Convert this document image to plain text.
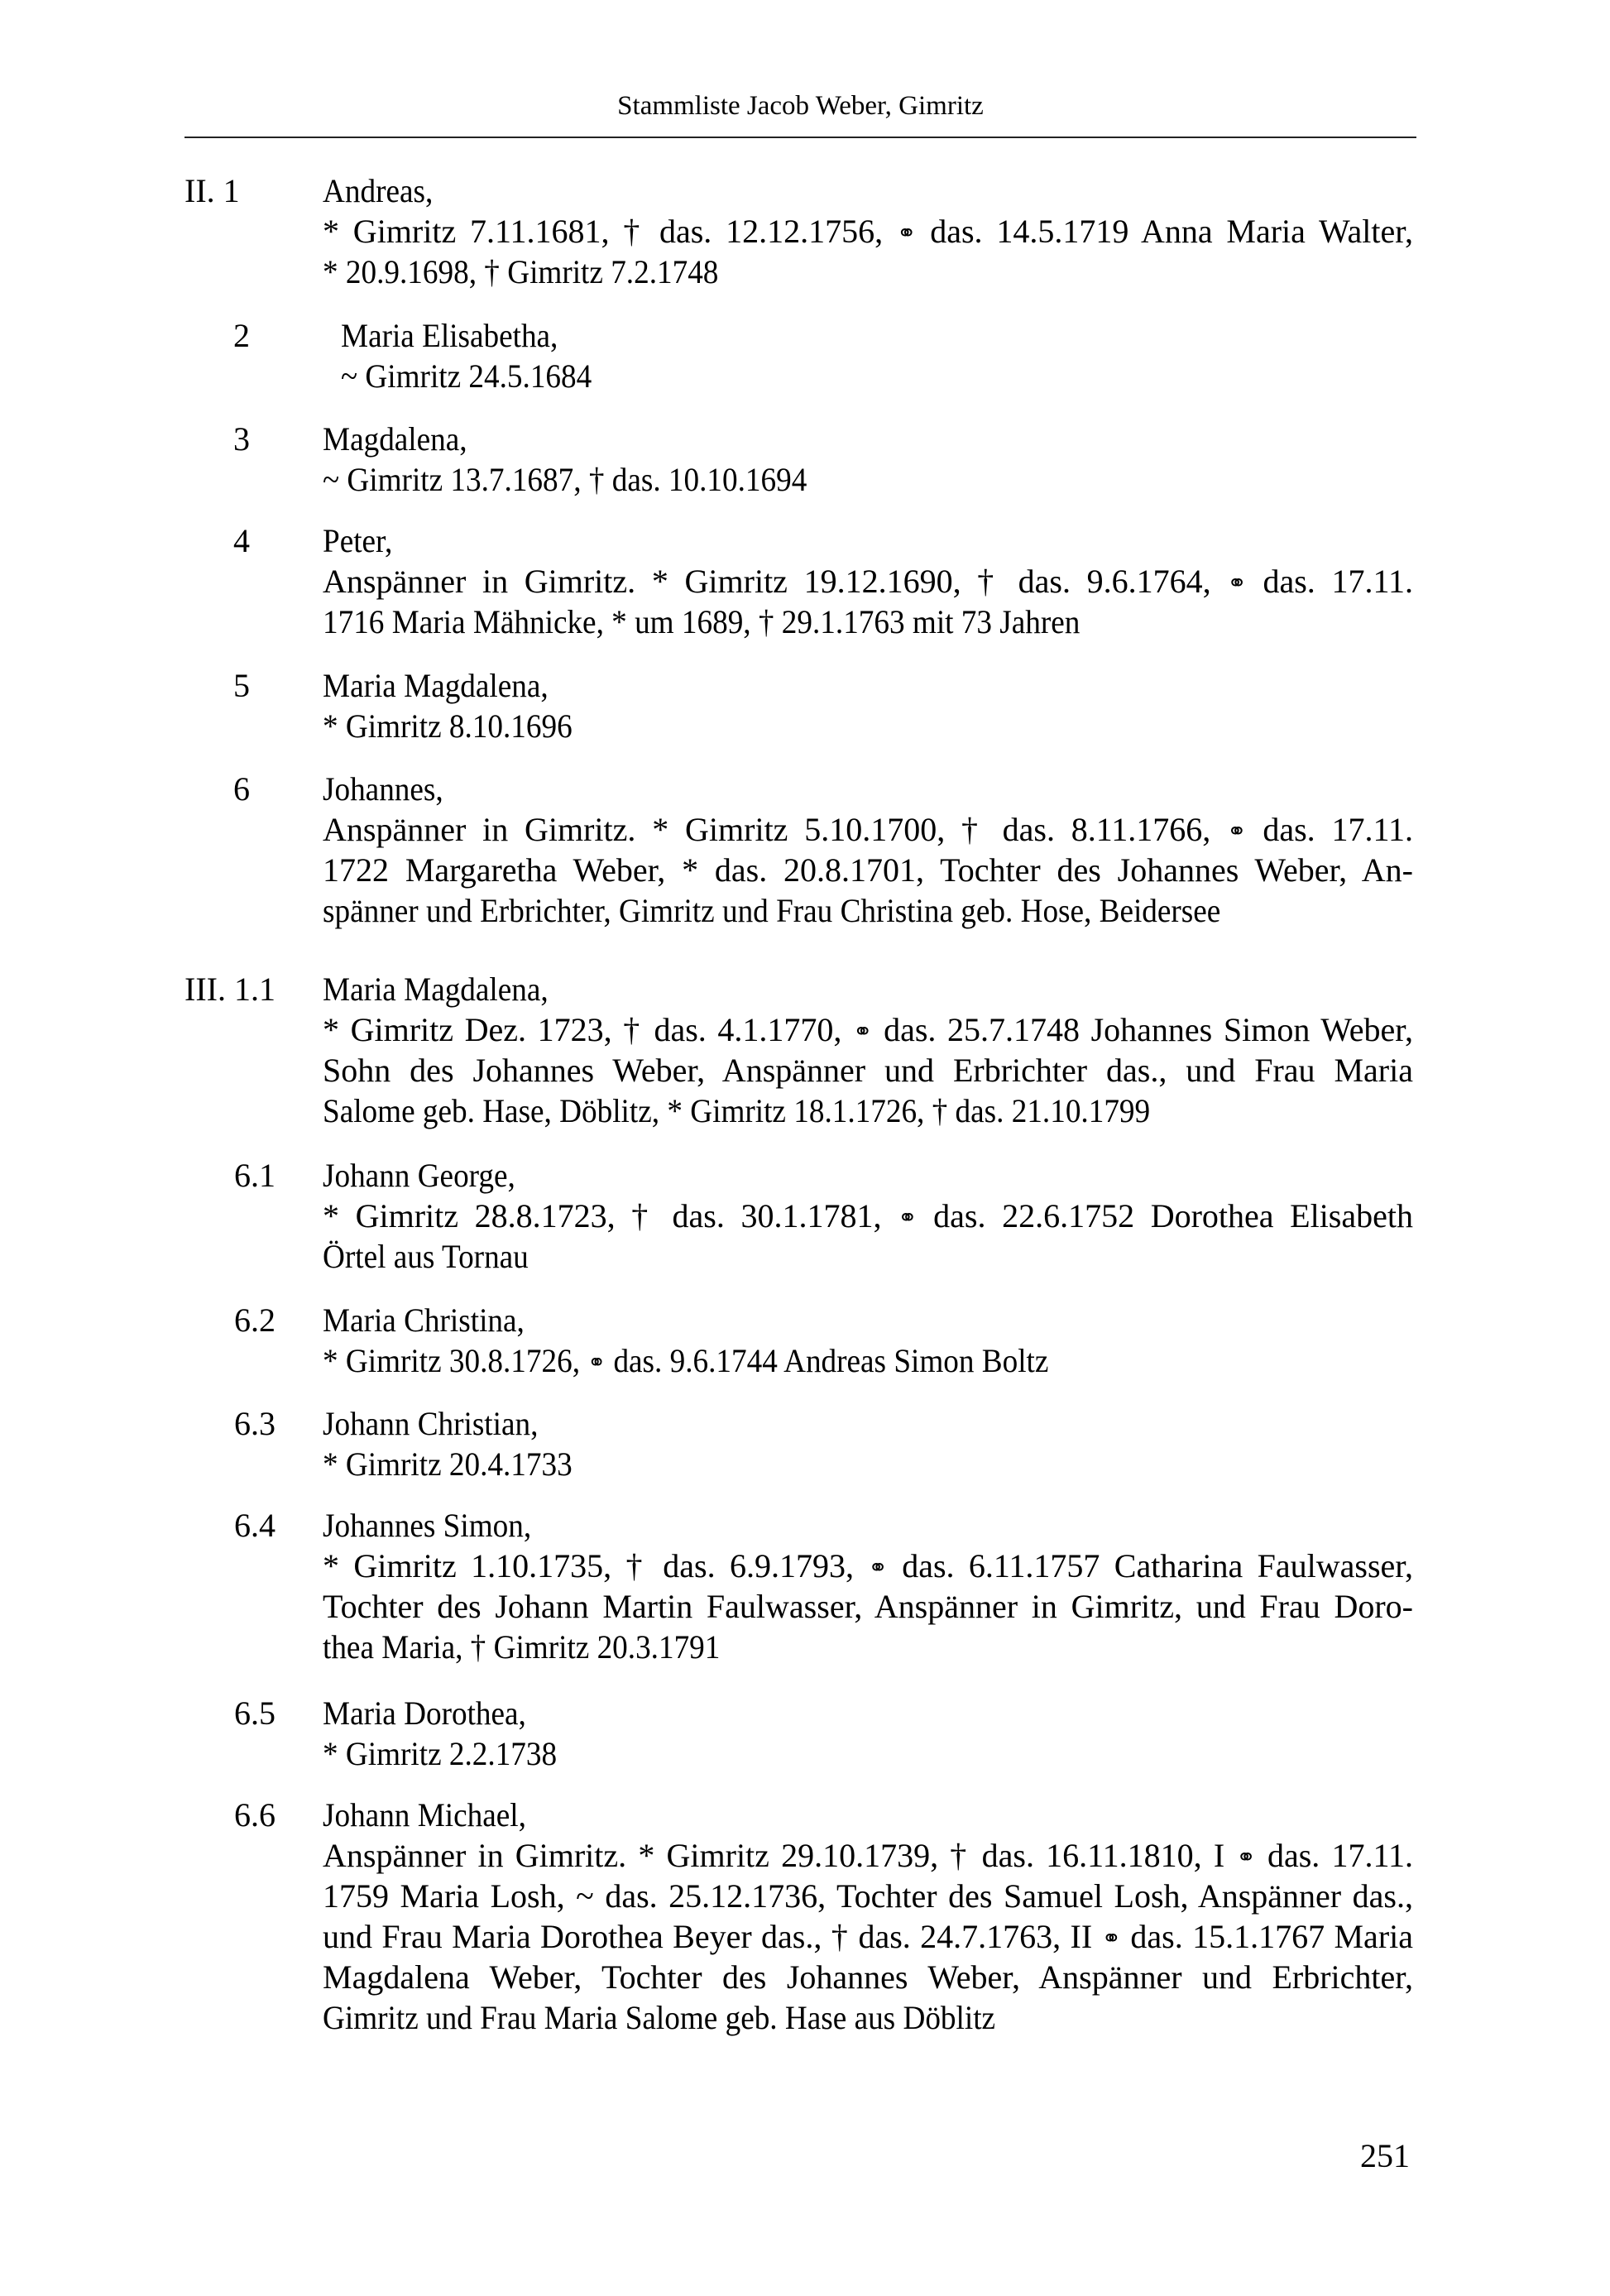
Stammliste Jacob Weber, Gimritz
II. 1	Andreas,
* Gimritz 7.11.1681, † das. 12.12.1756, ⚭ das. 14.5.1719 Anna Maria Walter,
* 20.9.1698, † Gimritz 7.2.1748
2	Maria Elisabetha,
~ Gimritz 24.5.1684
3 Magdalena,
~ Gimritz 13.7.1687, † das. 10.10.1694
4 Peter,
Anspänner in Gimritz. * Gimritz 19.12.1690, † das. 9.6.1764, ⚭ das. 17.11.
1716 Maria Mähnicke, * um 1689, † 29.1.1763 mit 73 Jahren
5 Maria Magdalena,
* Gimritz 8.10.1696
6 Johannes,
Anspänner in Gimritz. * Gimritz 5.10.1700, † das. 8.11.1766, ⚭ das. 17.11.
1722 Margaretha Weber, * das. 20.8.1701, Tochter des Johannes Weber, An-
spänner und Erbrichter, Gimritz und Frau Christina geb. Hose, Beidersee
III. 1.1 Maria Magdalena,
* Gimritz Dez. 1723, † das. 4.1.1770, ⚭ das. 25.7.1748 Johannes Simon Weber,
Sohn des Johannes Weber, Anspänner und Erbrichter das., und Frau Maria
Salome geb. Hase, Döblitz, * Gimritz 18.1.1726, † das. 21.10.1799
6.1 Johann George,
* Gimritz 28.8.1723, † das. 30.1.1781, ⚭ das. 22.6.1752 Dorothea Elisabeth
Örtel aus Tornau
6.2 Maria Christina,
* Gimritz 30.8.1726, ⚭ das. 9.6.1744 Andreas Simon Boltz
6.3 Johann Christian,
* Gimritz 20.4.1733
6.4 Johannes Simon,
* Gimritz 1.10.1735, † das. 6.9.1793, ⚭ das. 6.11.1757 Catharina Faulwasser,
Tochter des Johann Martin Faulwasser, Anspänner in Gimritz, und Frau Doro-
thea Maria, † Gimritz 20.3.1791
6.5 Maria Dorothea,
* Gimritz 2.2.1738
6.6 Johann Michael,
Anspänner in Gimritz. * Gimritz 29.10.1739, † das. 16.11.1810, I ⚭ das. 17.11.
1759 Maria Losh, ~ das. 25.12.1736, Tochter des Samuel Losh, Anspänner das.,
und Frau Maria Dorothea Beyer das., † das. 24.7.1763, II ⚭ das. 15.1.1767 Maria
Magdalena Weber, Tochter des Johannes Weber, Anspänner und Erbrichter,
Gimritz und Frau Maria Salome geb. Hase aus Döblitz
251
